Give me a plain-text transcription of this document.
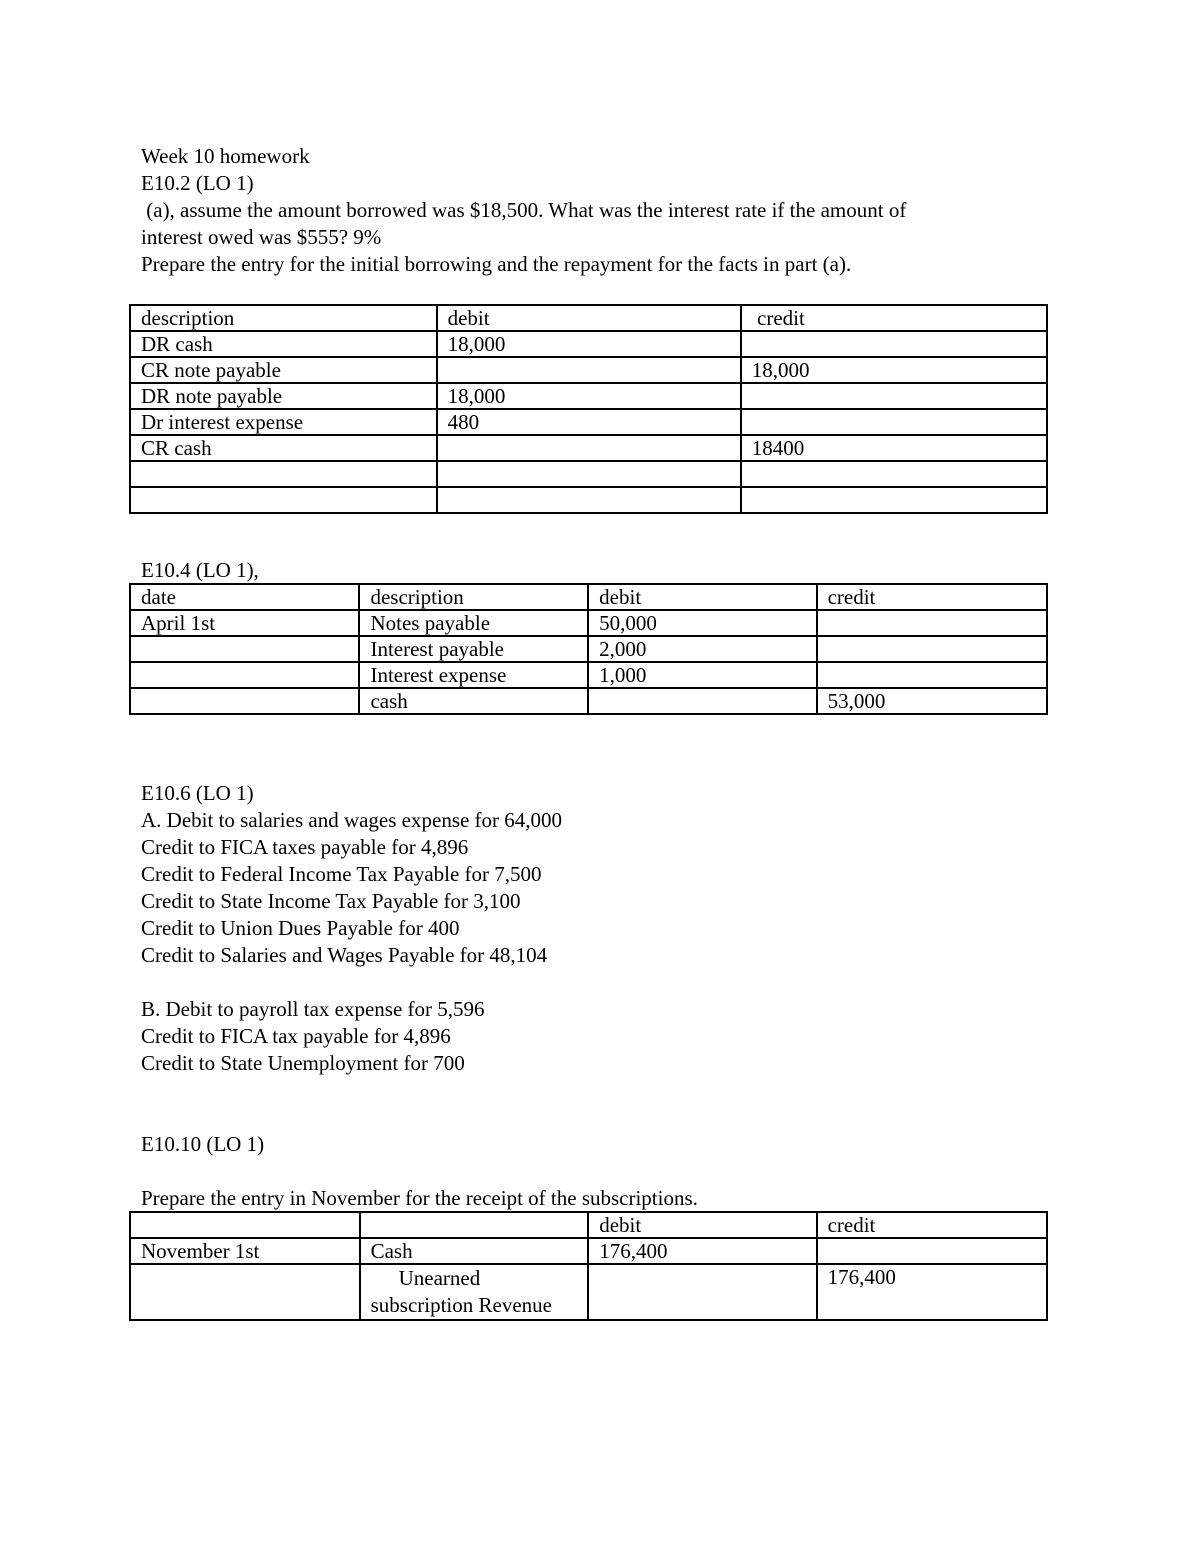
Week 10 homework
E10.2 (LO 1)
(a), assume the amount borrowed was $18,500. What was the interest rate if the amount of
interest owed was $555? 9%
Prepare the entry for the initial borrowing and the repayment for the facts in part (a).
description	debit	credit
DR cash	18,000	
CR note payable		18,000
DR note payable	18,000	
Dr interest expense	480	
CR cash		18400

E10.4 (LO 1),
date	description	debit	credit
April 1st	Notes payable	50,000	
	Interest payable	2,000	
	Interest expense	1,000	
	cash		53,000
E10.6 (LO 1)
A. Debit to salaries and wages expense for 64,000
Credit to FICA taxes payable for 4,896
Credit to Federal Income Tax Payable for 7,500
Credit to State Income Tax Payable for 3,100
Credit to Union Dues Payable for 400
Credit to Salaries and Wages Payable for 48,104
B. Debit to payroll tax expense for 5,596
Credit to FICA tax payable for 4,896
Credit to State Unemployment for 700
E10.10 (LO 1)
Prepare the entry in November for the receipt of the subscriptions.
		debit	credit
November 1st	Cash	176,400	
	Unearned subscription Revenue		176,400
